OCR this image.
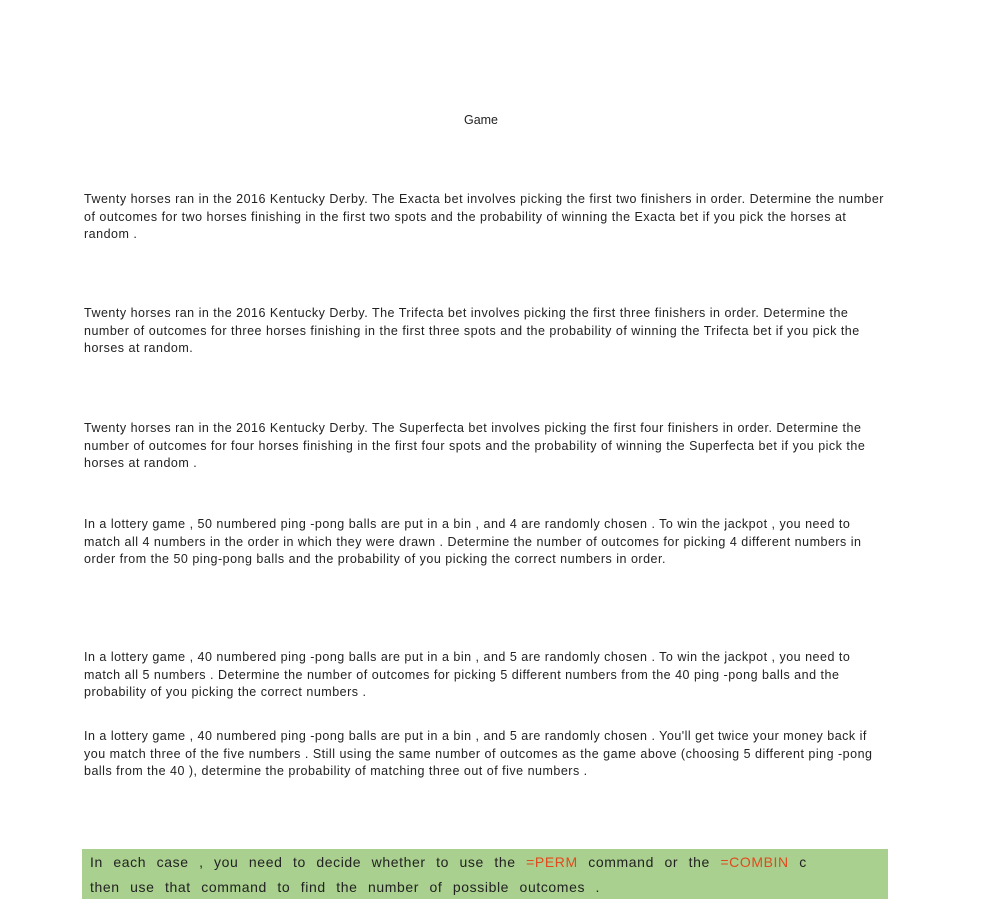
Game

Twenty horses ran in the 2016 Kentucky Derby. The Exacta bet involves picking the first two finishers in order. Determine the number of outcomes for two horses finishing in the first two spots and the probability of winning the Exacta bet if you pick the horses at random .

Twenty horses ran in the 2016 Kentucky Derby. The Trifecta bet involves picking the first three finishers in order. Determine the number of outcomes for three horses finishing in the first three spots and the probability of winning the Trifecta bet if you pick the horses at random.

Twenty horses ran in the 2016 Kentucky Derby. The Superfecta bet involves picking the first four finishers in order. Determine the number of outcomes for four horses finishing in the first four spots and the probability of winning the Superfecta bet if you pick the horses at random .

In a lottery game , 50 numbered ping -pong balls are put in a bin , and 4 are randomly chosen . To win the jackpot , you need to match all 4 numbers in the order in which they were drawn . Determine the number of outcomes for picking 4 different numbers in order from the 50 ping-pong balls and the probability of you picking the correct numbers in order.

In a lottery game , 40 numbered ping -pong balls are put in a bin , and 5 are randomly chosen . To win the jackpot , you need to match all 5 numbers . Determine the number of outcomes for picking 5 different numbers from the 40 ping -pong balls and the probability of you picking the correct numbers .

In a lottery game , 40 numbered ping -pong balls are put in a bin , and 5 are randomly chosen . You'll get twice your money back if you match three of the five numbers . Still using the same number of outcomes as the game above (choosing 5 different ping -pong balls from the 40 ), determine the probability of matching three out of five numbers .

In each case , you need to decide whether to use the =PERM command or the =COMBIN c
then use that command to find the number of possible outcomes .
